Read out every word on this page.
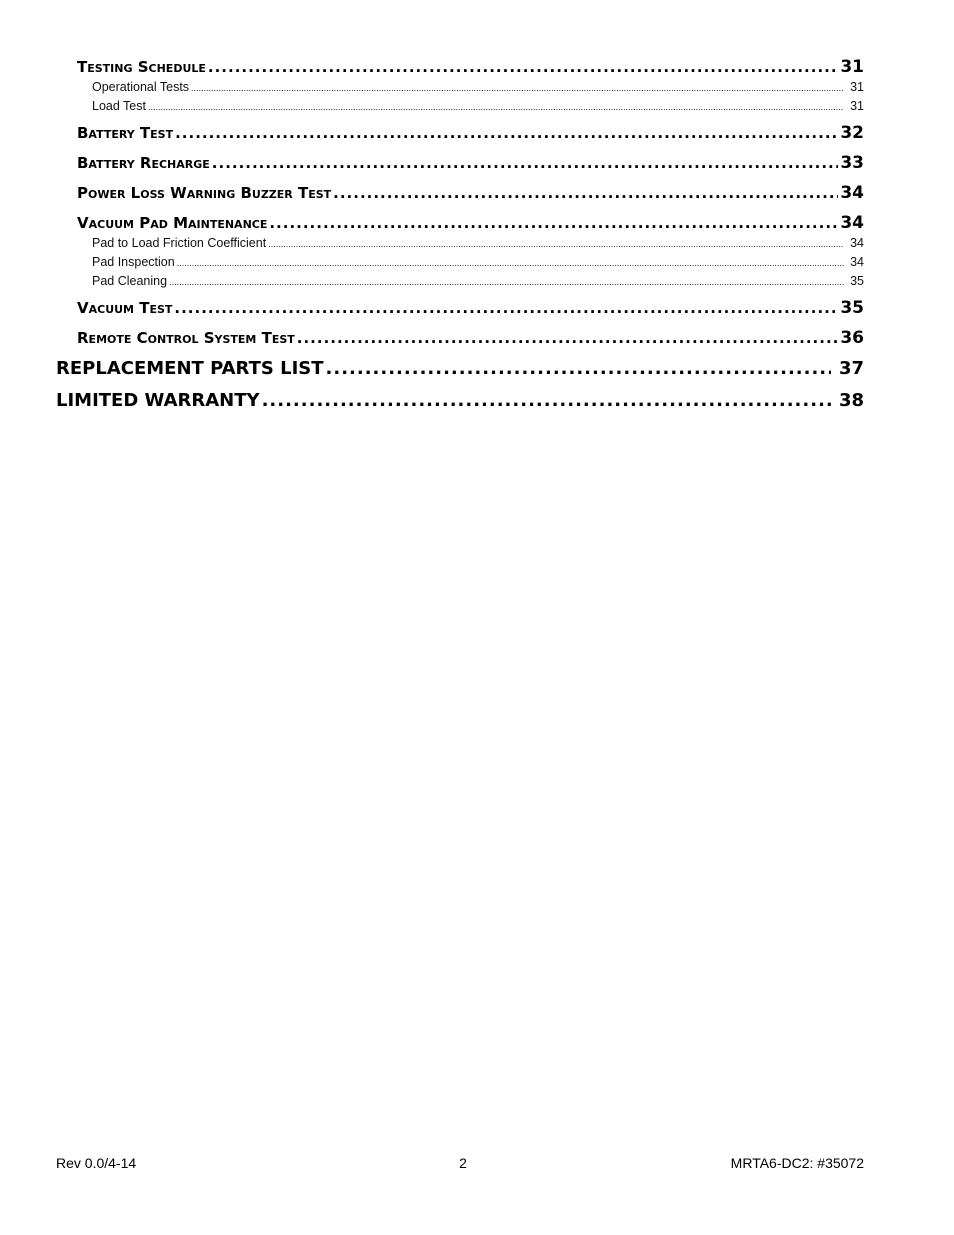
Testing Schedule .....	31
Operational Tests .....	31
Load Test .....	31
Battery Test .....	32
Battery Recharge .....	33
Power Loss Warning Buzzer Test .....	34
Vacuum Pad Maintenance .....	34
Pad to Load Friction Coefficient .....	34
Pad Inspection .....	34
Pad Cleaning .....	35
Vacuum Test .....	35
Remote Control System Test .....	36
REPLACEMENT PARTS LIST .....	37
LIMITED WARRANTY .....	38
Rev 0.0/4-14	2	MRTA6-DC2: #35072
